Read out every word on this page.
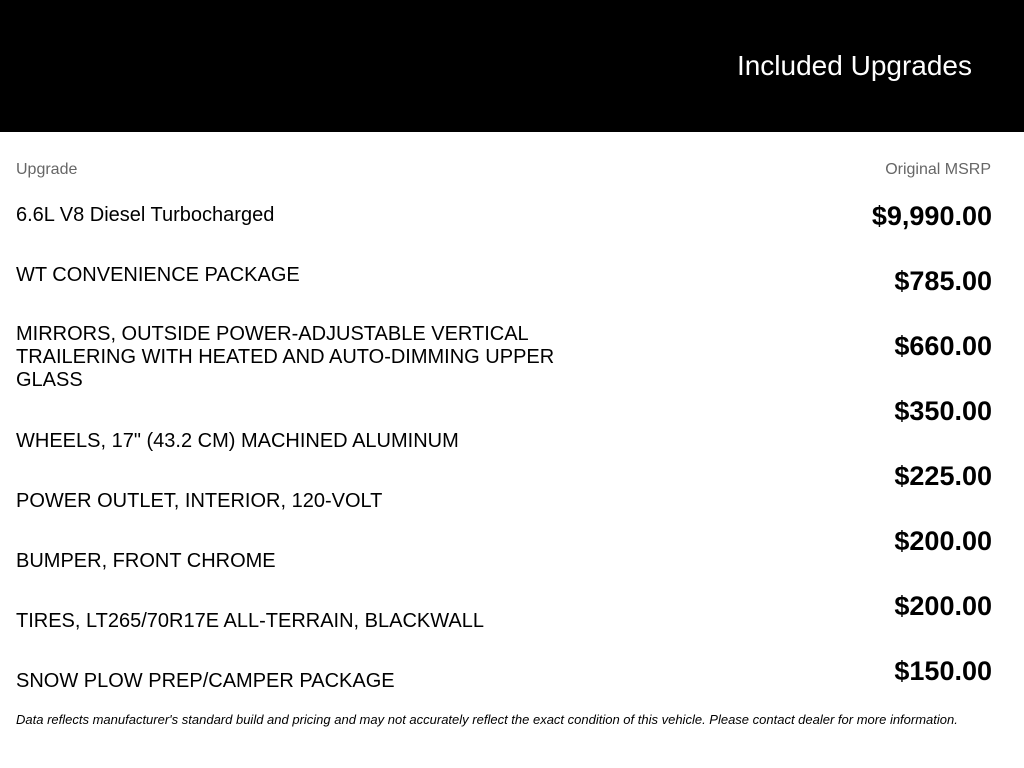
Included Upgrades
Upgrade	Original MSRP
6.6L V8 Diesel Turbocharged
WT CONVENIENCE PACKAGE
MIRRORS, OUTSIDE POWER-ADJUSTABLE VERTICAL TRAILERING WITH HEATED AND AUTO-DIMMING UPPER GLASS
WHEELS, 17" (43.2 CM) MACHINED ALUMINUM
POWER OUTLET, INTERIOR, 120-VOLT
BUMPER, FRONT CHROME
TIRES, LT265/70R17E ALL-TERRAIN, BLACKWALL
SNOW PLOW PREP/CAMPER PACKAGE
$9,990.00
$785.00
$660.00
$350.00
$225.00
$200.00
$200.00
$150.00
Data reflects manufacturer's standard build and pricing and may not accurately reflect the exact condition of this vehicle. Please contact dealer for more information.
